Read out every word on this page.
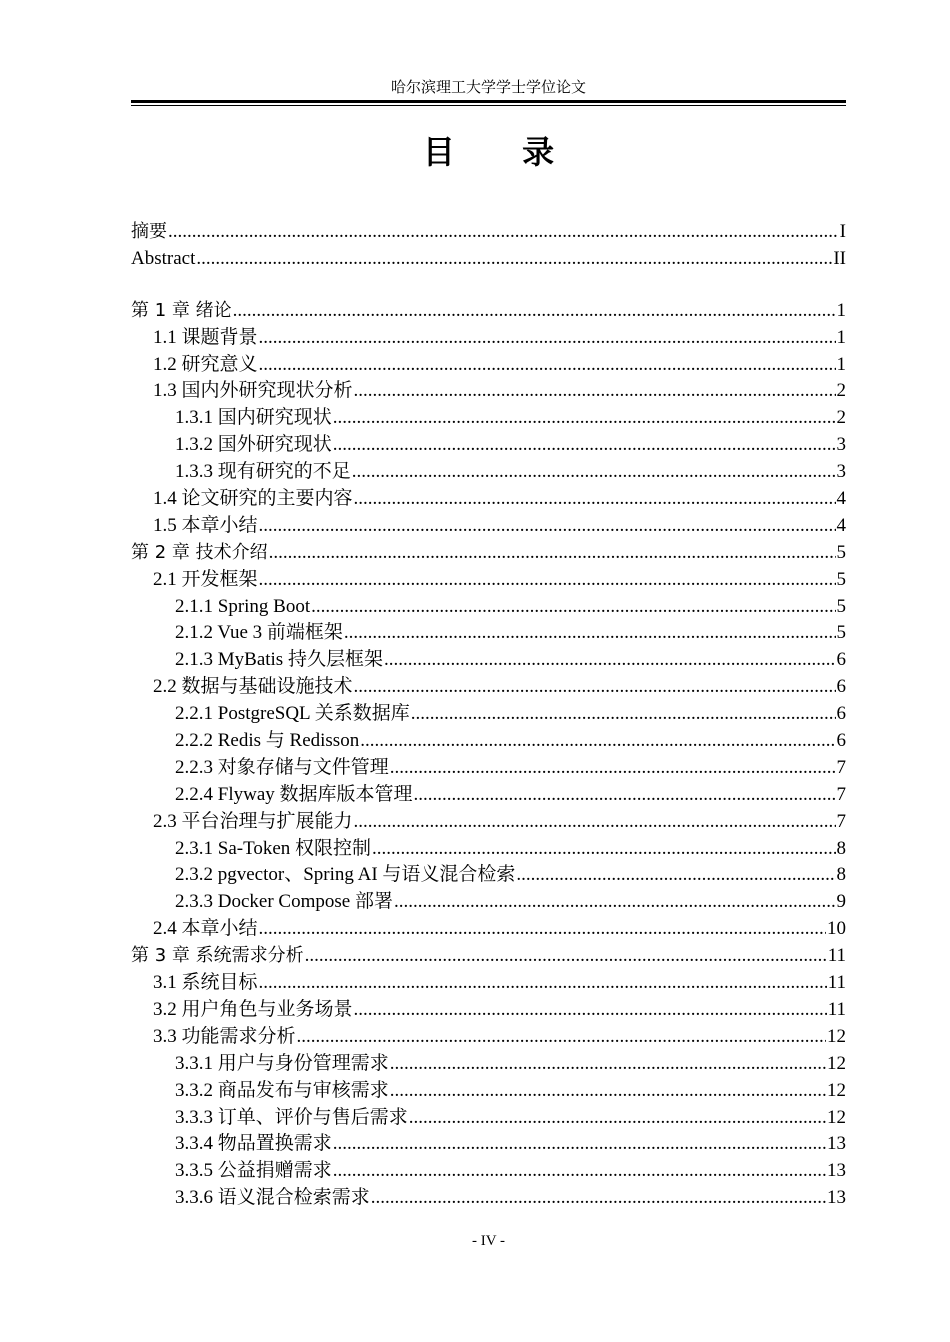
哈尔滨理工大学学士学位论文
目 录
摘要 .....	I
Abstract .....	II
第 1 章 绪论 .....	1
1.1 课题背景 .....	1
1.2 研究意义 .....	1
1.3 国内外研究现状分析 .....	2
1.3.1 国内研究现状 .....	2
1.3.2 国外研究现状 .....	3
1.3.3 现有研究的不足 .....	3
1.4 论文研究的主要内容 .....	4
1.5 本章小结 .....	4
第 2 章 技术介绍 .....	5
2.1 开发框架 .....	5
2.1.1 Spring Boot .....	5
2.1.2 Vue 3 前端框架 .....	5
2.1.3 MyBatis 持久层框架 .....	6
2.2 数据与基础设施技术 .....	6
2.2.1 PostgreSQL 关系数据库 .....	6
2.2.2 Redis 与 Redisson .....	6
2.2.3 对象存储与文件管理 .....	7
2.2.4 Flyway 数据库版本管理 .....	7
2.3 平台治理与扩展能力 .....	7
2.3.1 Sa-Token 权限控制 .....	8
2.3.2 pgvector、Spring AI 与语义混合检索 .....	8
2.3.3 Docker Compose 部署 .....	9
2.4 本章小结 .....	10
第 3 章 系统需求分析 .....	11
3.1 系统目标 .....	11
3.2 用户角色与业务场景 .....	11
3.3 功能需求分析 .....	12
3.3.1 用户与身份管理需求 .....	12
3.3.2 商品发布与审核需求 .....	12
3.3.3 订单、评价与售后需求 .....	12
3.3.4 物品置换需求 .....	13
3.3.5 公益捐赠需求 .....	13
3.3.6 语义混合检索需求 .....	13
- IV -
